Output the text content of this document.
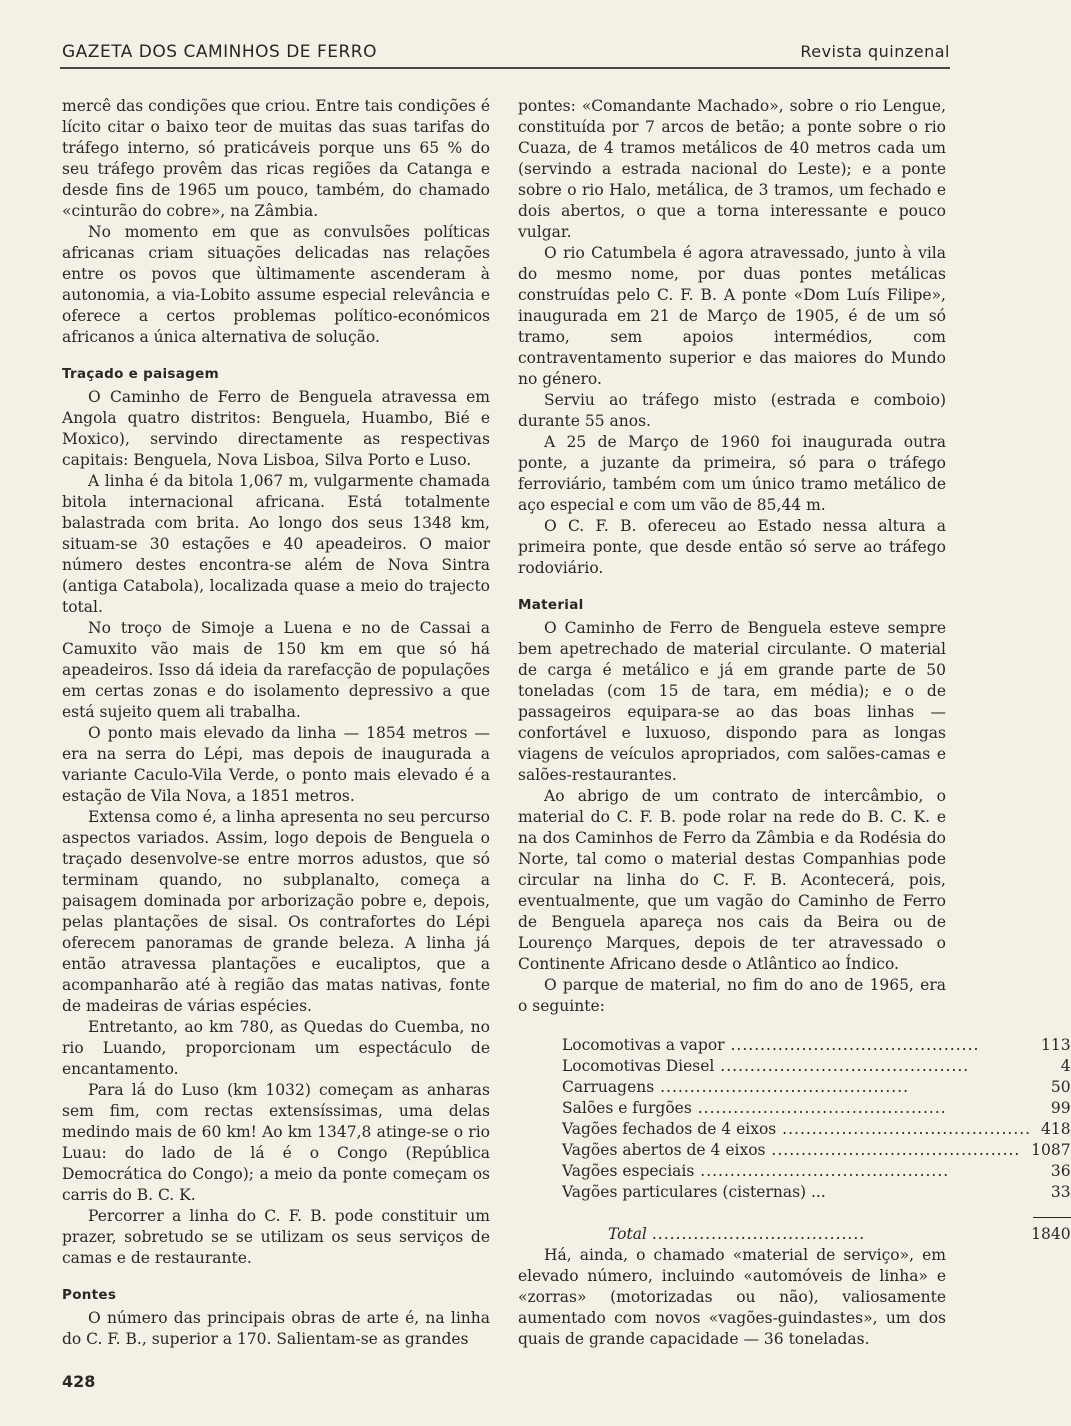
GAZETA DOS CAMINHOS DE FERRO	Revista quinzenal

mercê das condições que criou. Entre tais condições é lícito citar o baixo teor de muitas das suas tarifas do tráfego interno, só praticáveis porque uns 65 % do seu tráfego provêm das ricas regiões da Catanga e desde fins de 1965 um pouco, também, do chamado «cinturão do cobre», na Zâmbia.

No momento em que as convulsões políticas africanas criam situações delicadas nas relações entre os povos que ùltimamente ascenderam à autonomia, a via-Lobito assume especial relevância e oferece a certos problemas político-económicos africanos a única alternativa de solução.

Traçado e paisagem

O Caminho de Ferro de Benguela atravessa em Angola quatro distritos: Benguela, Huambo, Bié e Moxico), servindo directamente as respectivas capitais: Benguela, Nova Lisboa, Silva Porto e Luso.

A linha é da bitola 1,067 m, vulgarmente chamada bitola internacional africana. Está totalmente balastrada com brita. Ao longo dos seus 1348 km, situam-se 30 estações e 40 apeadeiros. O maior número destes encontra-se além de Nova Sintra (antiga Catabola), localizada quase a meio do trajecto total.

No troço de Simoje a Luena e no de Cassai a Camuxito vão mais de 150 km em que só há apeadeiros. Isso dá ideia da rarefacção de populações em certas zonas e do isolamento depressivo a que está sujeito quem ali trabalha.

O ponto mais elevado da linha — 1854 metros — era na serra do Lépi, mas depois de inaugurada a variante Caculo-Vila Verde, o ponto mais elevado é a estação de Vila Nova, a 1851 metros.

Extensa como é, a linha apresenta no seu percurso aspectos variados. Assim, logo depois de Benguela o traçado desenvolve-se entre morros adustos, que só terminam quando, no subplanalto, começa a paisagem dominada por arborização pobre e, depois, pelas plantações de sisal. Os contrafortes do Lépi oferecem panoramas de grande beleza. A linha já então atravessa plantações e eucaliptos, que a acompanharão até à região das matas nativas, fonte de madeiras de várias espécies.

Entretanto, ao km 780, as Quedas do Cuemba, no rio Luando, proporcionam um espectáculo de encantamento.

Para lá do Luso (km 1032) começam as anharas sem fim, com rectas extensíssimas, uma delas medindo mais de 60 km! Ao km 1347,8 atinge-se o rio Luau: do lado de lá é o Congo (República Democrática do Congo); a meio da ponte começam os carris do B. C. K.

Percorrer a linha do C. F. B. pode constituir um prazer, sobretudo se se utilizam os seus serviços de camas e de restaurante.

Pontes

O número das principais obras de arte é, na linha do C. F. B., superior a 170. Salientam-se as grandes

pontes: «Comandante Machado», sobre o rio Lengue, constituída por 7 arcos de betão; a ponte sobre o rio Cuaza, de 4 tramos metálicos de 40 metros cada um (servindo a estrada nacional do Leste); e a ponte sobre o rio Halo, metálica, de 3 tramos, um fechado e dois abertos, o que a torna interessante e pouco vulgar.

O rio Catumbela é agora atravessado, junto à vila do mesmo nome, por duas pontes metálicas construídas pelo C. F. B. A ponte «Dom Luís Filipe», inaugurada em 21 de Março de 1905, é de um só tramo, sem apoios intermédios, com contraventamento superior e das maiores do Mundo no género.

Serviu ao tráfego misto (estrada e comboio) durante 55 anos.

A 25 de Março de 1960 foi inaugurada outra ponte, a juzante da primeira, só para o tráfego ferroviário, também com um único tramo metálico de aço especial e com um vão de 85,44 m.

O C. F. B. ofereceu ao Estado nessa altura a primeira ponte, que desde então só serve ao tráfego rodoviário.

Material

O Caminho de Ferro de Benguela esteve sempre bem apetrechado de material circulante. O material de carga é metálico e já em grande parte de 50 toneladas (com 15 de tara, em média); e o de passageiros equipara-se ao das boas linhas — confortável e luxuoso, dispondo para as longas viagens de veículos apropriados, com salões-camas e salões-restaurantes.

Ao abrigo de um contrato de intercâmbio, o material do C. F. B. pode rolar na rede do B. C. K. e na dos Caminhos de Ferro da Zâmbia e da Rodésia do Norte, tal como o material destas Companhias pode circular na linha do C. F. B. Acontecerá, pois, eventualmente, que um vagão do Caminho de Ferro de Benguela apareça nos cais da Beira ou de Lourenço Marques, depois de ter atravessado o Continente Africano desde o Atlântico ao Índico.

O parque de material, no fim do ano de 1965, era o seguinte:

Locomotivas a vapor ..........................................	113
Locomotivas Diesel ..........................................	4
Carruagens ..........................................	50
Salões e furgões ..........................................	99
Vagões fechados de 4 eixos ..........................................	418
Vagões abertos de 4 eixos ..........................................	1087
Vagões especiais ..........................................	36
Vagões particulares (cisternas) ...	33

Total ....................................	1840

Há, ainda, o chamado «material de serviço», em elevado número, incluindo «automóveis de linha» e «zorras» (motorizadas ou não), valiosamente aumentado com novos «vagões-guindastes», um dos quais de grande capacidade — 36 toneladas.

428
